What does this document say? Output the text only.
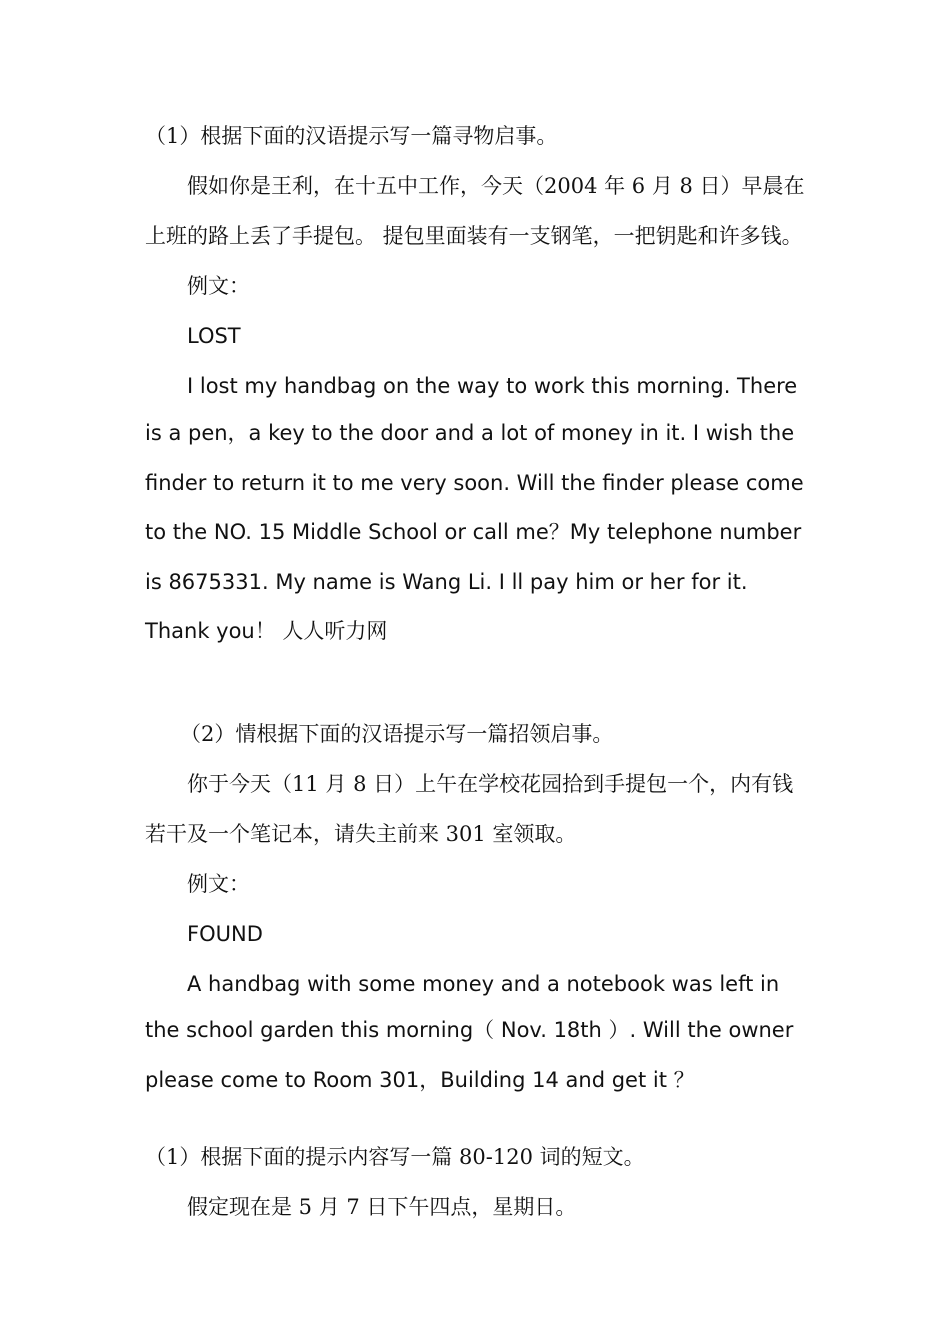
（1）根据下面的汉语提示写一篇寻物启事。
假如你是王利，在十五中工作，今天（2004 年 6 月 8 日）早晨在
上班的路上丢了手提包。 提包里面装有一支钢笔，一把钥匙和许多钱。
例文：
LOST
I lost my handbag on the way to work this morning. There
is a pen，a key to the door and a lot of money in it. I wish the
finder to return it to me very soon. Will the finder please come
to the NO. 15 Middle School or call me？My telephone number
is 8675331. My name is Wang Li. I ll pay him or her for it.
Thank you！ 人人听力网
（2）情根据下面的汉语提示写一篇招领启事。
你于今天（11 月 8 日）上午在学校花园拾到手提包一个，内有钱
若干及一个笔记本，请失主前来 301 室领取。
例文：
FOUND
A handbag with some money and a notebook was left in
the school garden this morning（ Nov. 18th ）. Will the owner
please come to Room 301，Building 14 and get it ？
（1）根据下面的提示内容写一篇 80-120 词的短文。
假定现在是 5 月 7 日下午四点，星期日。
